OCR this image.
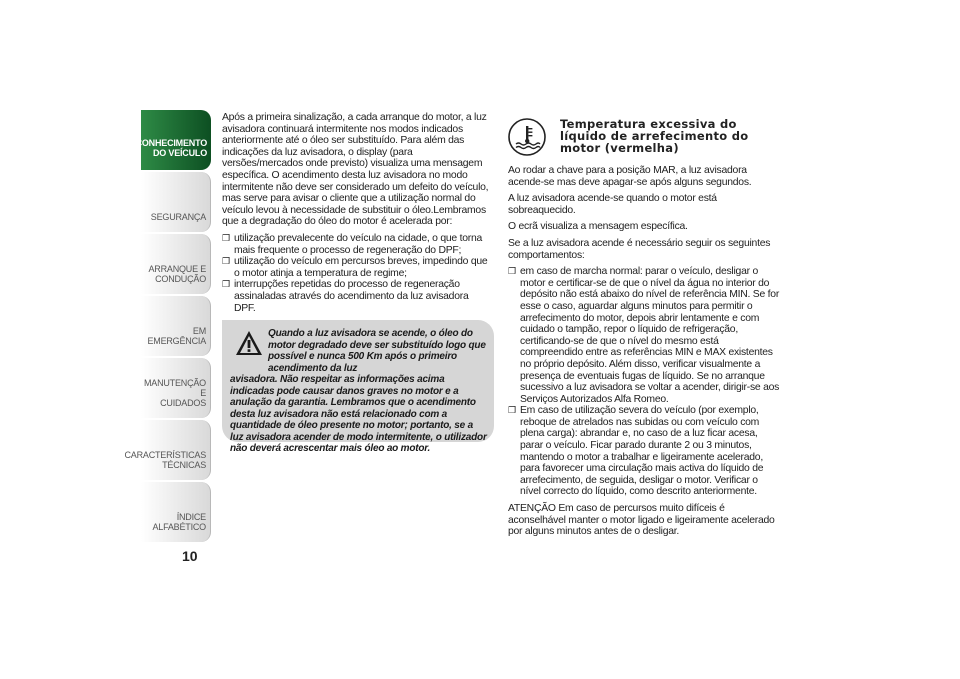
CONHECIMENTO
DO VEÍCULO
SEGURANÇA
ARRANQUE E
CONDUÇÃO
EM EMERGÊNCIA
MANUTENÇÃO E
CUIDADOS
CARACTERÍSTICAS
TÉCNICAS
ÍNDICE ALFABÉTICO
10

Após a primeira sinalização, a cada arranque do motor, a luz avisadora continuará intermitente nos modos indicados anteriormente até o óleo ser substituído. Para além das indicações da luz avisadora, o display (para versões/mercados onde previsto) visualiza uma mensagem específica. O acendimento desta luz avisadora no modo intermitente não deve ser considerado um defeito do veículo, mas serve para avisar o cliente que a utilização normal do veículo levou à necessidade de substituir o óleo.Lembramos que a degradação do óleo do motor é acelerada por:

❒ utilização prevalecente do veículo na cidade, o que torna mais frequente o processo de regeneração do DPF;
❒ utilização do veículo em percursos breves, impedindo que o motor atinja a temperatura de regime;
❒ interrupções repetidas do processo de regeneração assinaladas através do acendimento da luz avisadora DPF.
Quando a luz avisadora se acende, o óleo do motor degradado deve ser substituído logo que possível e nunca 500 Km após o primeiro acendimento da luz
avisadora. Não respeitar as informações acima indicadas pode causar danos graves no motor e a anulação da garantia. Lembramos que o acendimento desta luz avisadora não está relacionado com a quantidade de óleo presente no motor; portanto, se a luz avisadora acender de modo intermitente, o utilizador não deverá acrescentar mais óleo ao motor.
Temperatura excessiva do líquido de arrefecimento do motor (vermelha)

Ao rodar a chave para a posição MAR, a luz avisadora acende-se mas deve apagar-se após alguns segundos.

A luz avisadora acende-se quando o motor está sobreaquecido.

O ecrã visualiza a mensagem específica.

Se a luz avisadora acende é necessário seguir os seguintes comportamentos:

❒ em caso de marcha normal: parar o veículo, desligar o motor e certificar-se de que o nível da água no interior do depósito não está abaixo do nível de referência MIN. Se for esse o caso, aguardar alguns minutos para permitir o arrefecimento do motor, depois abrir lentamente e com cuidado o tampão, repor o líquido de refrigeração, certificando-se de que o nível do mesmo está compreendido entre as referências MIN e MAX existentes no próprio depósito. Além disso, verificar visualmente a presença de eventuais fugas de líquido. Se no arranque sucessivo a luz avisadora se voltar a acender, dirigir-se aos Serviços Autorizados Alfa Romeo.
❒ Em caso de utilização severa do veículo (por exemplo, reboque de atrelados nas subidas ou com veículo com plena carga): abrandar e, no caso de a luz ficar acesa, parar o veículo. Ficar parado durante 2 ou 3 minutos, mantendo o motor a trabalhar e ligeiramente acelerado, para favorecer uma circulação mais activa do líquido de arrefecimento, de seguida, desligar o motor. Verificar o nível correcto do líquido, como descrito anteriormente.

ATENÇÃO Em caso de percursos muito difíceis é aconselhável manter o motor ligado e ligeiramente acelerado por alguns minutos antes de o desligar.
